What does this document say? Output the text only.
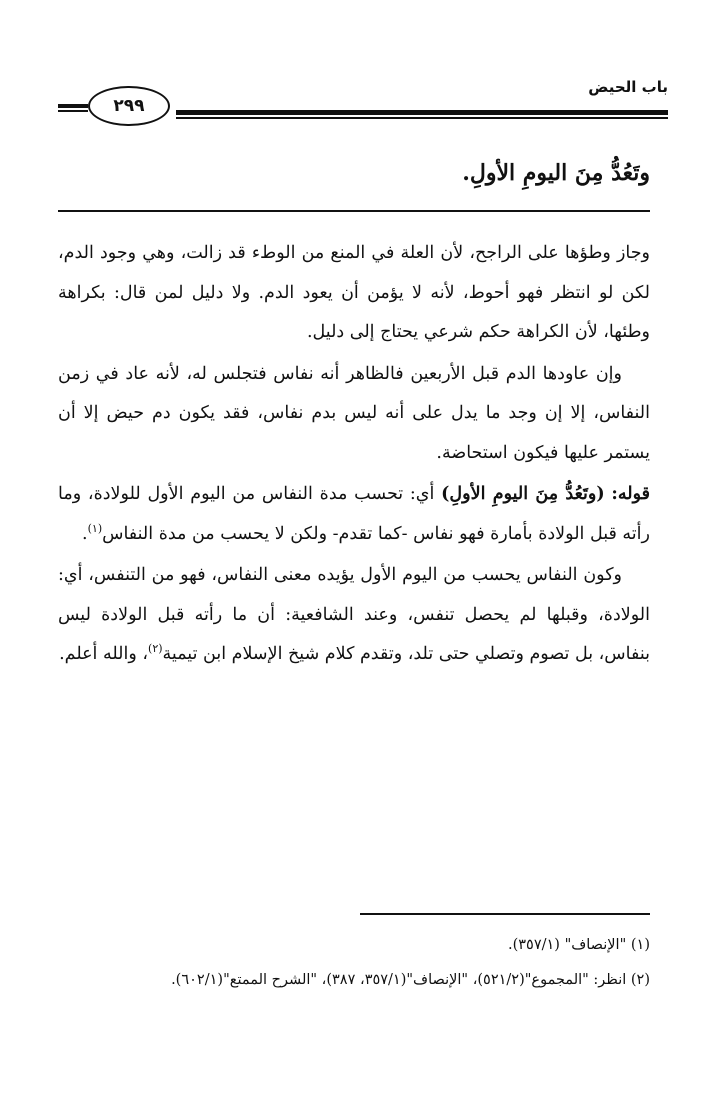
باب الحيض
٢٩٩
وتَعُدُّ مِنَ اليومِ الأولِ.

وجاز وطؤها على الراجح، لأن العلة في المنع من الوطء قد زالت، وهي وجود الدم، لكن لو انتظر فهو أحوط، لأنه لا يؤمن أن يعود الدم. ولا دليل لمن قال: بكراهة وطئها، لأن الكراهة حكم شرعي يحتاج إلى دليل.

وإن عاودها الدم قبل الأربعين فالظاهر أنه نفاس فتجلس له، لأنه عاد في زمن النفاس، إلا إن وجد ما يدل على أنه ليس بدم نفاس، فقد يكون دم حيض إلا أن يستمر عليها فيكون استحاضة.

قوله: (وتَعُدُّ مِنَ اليومِ الأولِ) أي: تحسب مدة النفاس من اليوم الأول للولادة، وما رأته قبل الولادة بأمارة فهو نفاس -كما تقدم- ولكن لا يحسب من مدة النفاس$^{(١)}$.

وكون النفاس يحسب من اليوم الأول يؤيده معنى النفاس، فهو من التنفس، أي: الولادة، وقبلها لم يحصل تنفس، وعند الشافعية: أن ما رأته قبل الولادة ليس بنفاس، بل تصوم وتصلي حتى تلد، وتقدم كلام شيخ الإسلام ابن تيمية$^{(٢)}$، والله أعلم.

(١) "الإنصاف" (٣٥٧/١).
(٢) انظر: "المجموع"(٥٢١/٢)، "الإنصاف"(٣٥٧/١، ٣٨٧)، "الشرح الممتع"(٦٠٢/١).
